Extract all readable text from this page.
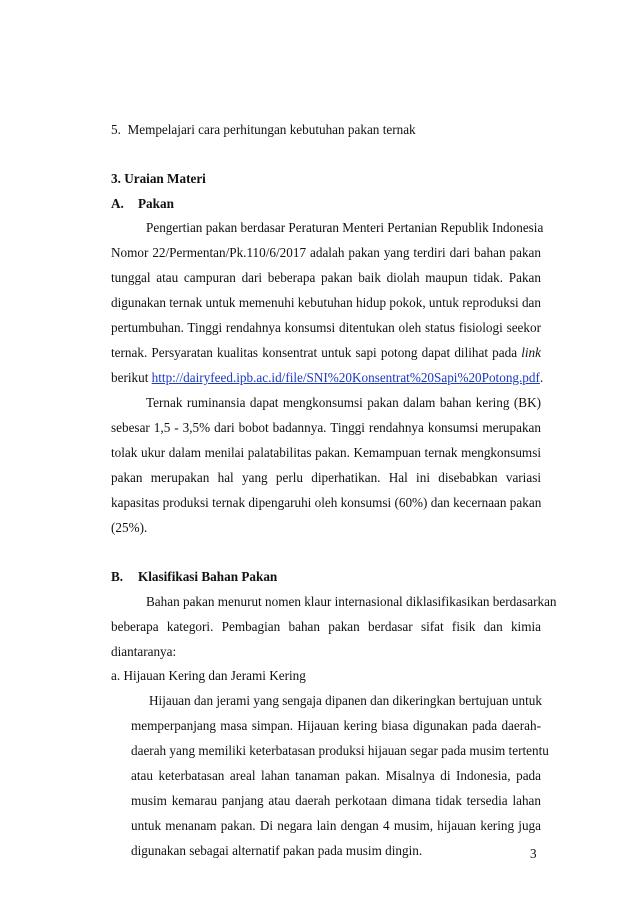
5. Mempelajari cara perhitungan kebutuhan pakan ternak
3. Uraian Materi
A. Pakan
Pengertian pakan berdasar Peraturan Menteri Pertanian Republik Indonesia
Nomor 22/Permentan/Pk.110/6/2017 adalah pakan yang terdiri dari bahan pakan
tunggal atau campuran dari beberapa pakan baik diolah maupun tidak. Pakan
digunakan ternak untuk memenuhi kebutuhan hidup pokok, untuk reproduksi dan
pertumbuhan. Tinggi rendahnya konsumsi ditentukan oleh status fisiologi seekor
ternak. Persyaratan kualitas konsentrat untuk sapi potong dapat dilihat pada link
berikut http://dairyfeed.ipb.ac.id/file/SNI%20Konsentrat%20Sapi%20Potong.pdf.
Ternak ruminansia dapat mengkonsumsi pakan dalam bahan kering (BK)
sebesar 1,5 - 3,5% dari bobot badannya. Tinggi rendahnya konsumsi merupakan
tolak ukur dalam menilai palatabilitas pakan. Kemampuan ternak mengkonsumsi
pakan merupakan hal yang perlu diperhatikan. Hal ini disebabkan variasi
kapasitas produksi ternak dipengaruhi oleh konsumsi (60%) dan kecernaan pakan
(25%).
B. Klasifikasi Bahan Pakan
Bahan pakan menurut nomen klaur internasional diklasifikasikan berdasarkan
beberapa kategori. Pembagian bahan pakan berdasar sifat fisik dan kimia
diantaranya:
a. Hijauan Kering dan Jerami Kering
Hijauan dan jerami yang sengaja dipanen dan dikeringkan bertujuan untuk
memperpanjang masa simpan. Hijauan kering biasa digunakan pada daerah-
daerah yang memiliki keterbatasan produksi hijauan segar pada musim tertentu
atau keterbatasan areal lahan tanaman pakan. Misalnya di Indonesia, pada
musim kemarau panjang atau daerah perkotaan dimana tidak tersedia lahan
untuk menanam pakan. Di negara lain dengan 4 musim, hijauan kering juga
digunakan sebagai alternatif pakan pada musim dingin.	3
